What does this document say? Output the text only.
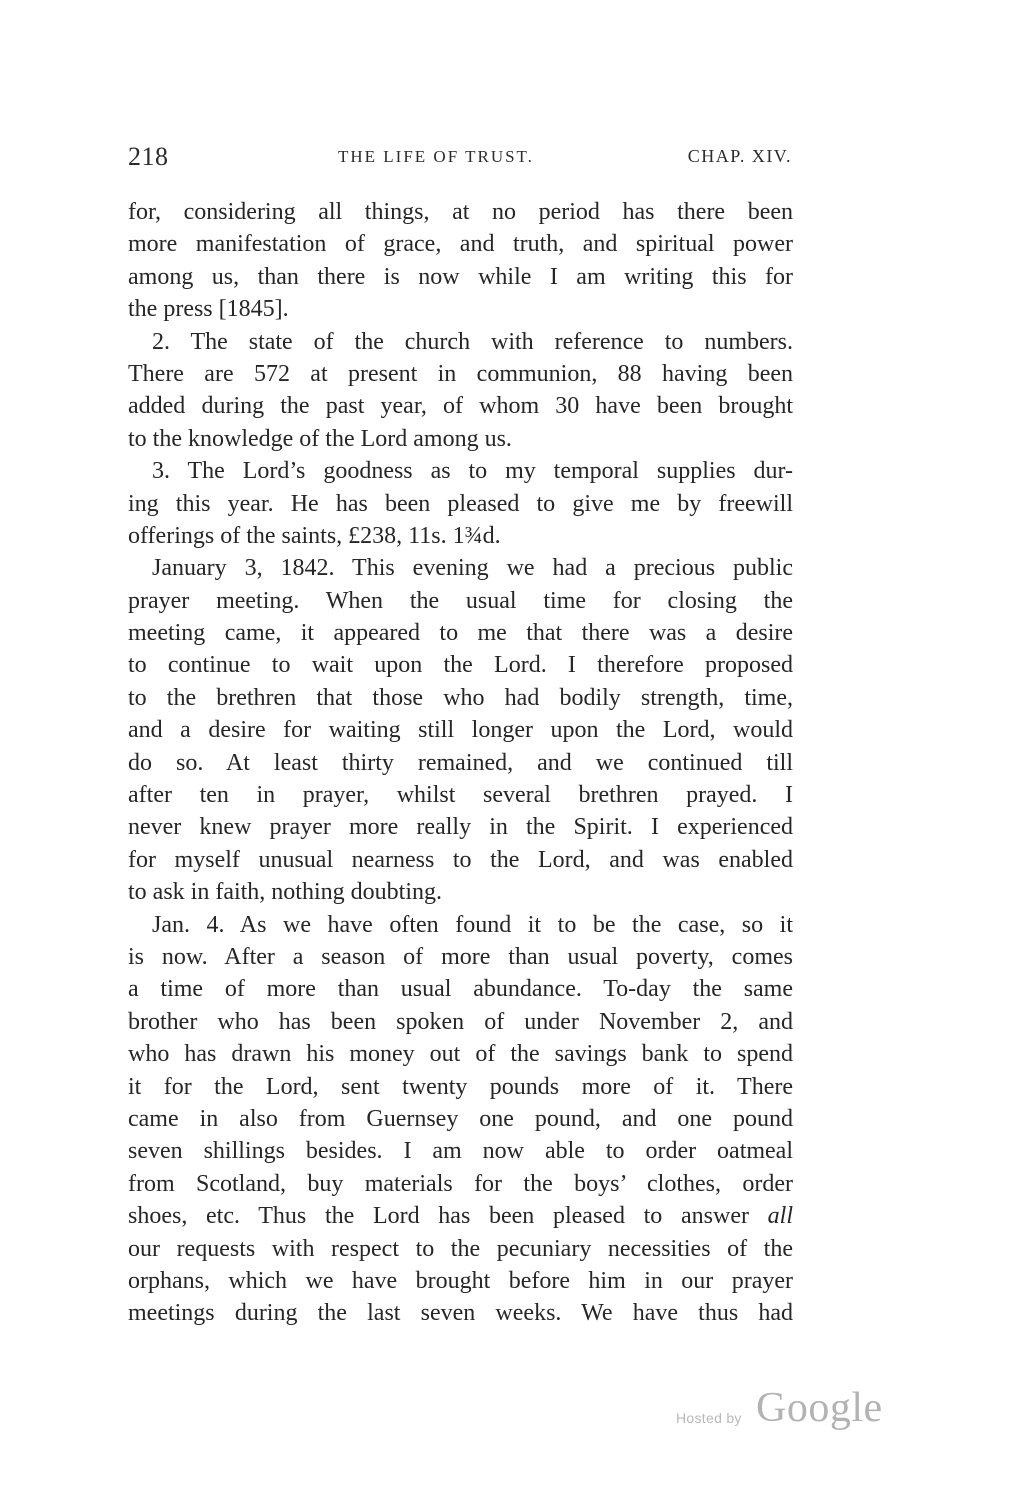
218	THE LIFE OF TRUST.	CHAP. XIV.
for, considering all things, at no period has there been
more manifestation of grace, and truth, and spiritual power
among us, than there is now while I am writing this for
the press [1845].
2. The state of the church with reference to numbers.
There are 572 at present in communion, 88 having been
added during the past year, of whom 30 have been brought
to the knowledge of the Lord among us.
3. The Lord’s goodness as to my temporal supplies dur-
ing this year. He has been pleased to give me by freewill
offerings of the saints, £238, 11s. 1¾d.
January 3, 1842. This evening we had a precious public
prayer meeting. When the usual time for closing the
meeting came, it appeared to me that there was a desire
to continue to wait upon the Lord. I therefore proposed
to the brethren that those who had bodily strength, time,
and a desire for waiting still longer upon the Lord, would
do so. At least thirty remained, and we continued till
after ten in prayer, whilst several brethren prayed. I
never knew prayer more really in the Spirit. I experienced
for myself unusual nearness to the Lord, and was enabled
to ask in faith, nothing doubting.
Jan. 4. As we have often found it to be the case, so it
is now. After a season of more than usual poverty, comes
a time of more than usual abundance. To-day the same
brother who has been spoken of under November 2, and
who has drawn his money out of the savings bank to spend
it for the Lord, sent twenty pounds more of it. There
came in also from Guernsey one pound, and one pound
seven shillings besides. I am now able to order oatmeal
from Scotland, buy materials for the boys’ clothes, order
shoes, etc. Thus the Lord has been pleased to answer all
our requests with respect to the pecuniary necessities of the
orphans, which we have brought before him in our prayer
meetings during the last seven weeks. We have thus had
Hosted by Google
